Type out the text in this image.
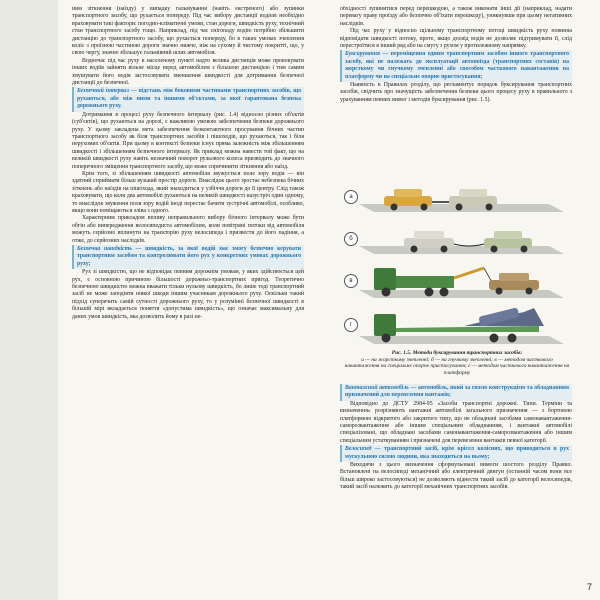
ним зіткнення (наїзду) у випадку гальмування (навіть екстреного) або зупинки транспортного засобу, що рухається попереду. Під час вибору дистанції водієві необхідно враховувати такі фактори: погодно-кліматичні умови, стан дороги, швидкість руху, технічний стан транспортного засобу тощо. Наприклад, під час снігопаду водію потрібно збільшити дистанцію до транспортного засобу, що рухається попереду, бо в таких умовах зчеплення коліс з проїзною частиною дороги значно нижче, ніж на сухому й чистому покритті, що, у свою чергу, значно збільшує гальмівний шлях автомобіля.

Водночас під час руху в населеному пункті надто велика дистанція може провокувати інших водіїв зайняти вільне місце перед автомобілем з більшою дистанцією і тим самим змушувати його водія застосовувати зменшення швидкості для дотримання безпечної дистанції до безпечної.

Безпечний інтервал — відстань між боковими частинами транспортних засобів, що рухаються, або між ними та іншими об'єктами, за якої гарантована безпека дорожнього руху.

Дотримання в процесі руху безпечного інтервалу (рис. 1.4) відносно різних об'єктів (суб'єктів), що рухаються на дорозі, є важливою умовою забезпечення безпеки дорожнього руху. У цьому закладена мета забезпечення безконтактного просування бічних частин транспортного засобу як біля транспортних засобів і пішоходів, що рухаються, так і біля нерухомих об'єктів. При цьому в контексті безпеки існує пряма залежність між збільшенням швидкості і збільшенням безпечного інтервалу. Як приклад можна навести той факт, що на великій швидкості руху навіть незначний поворот рульового колеса призводить до значного поперечного зміщення транспортного засобу, що може спричинити зіткнення або наїзд.

Крім того, зі збільшенням швидкості автомобіля звужується поле зору водія — він здатний сприймати більш вузький простір дороги. Внаслідок цього зростає небезпека бічних зіткнень або наїздів на пішохода, який знаходиться у узбіччя дороги до її центру. Слід також враховувати, що коли два автомобілі рухаються на великій швидкості назустріч один одному, то внаслідок звуження поля зору водій іноді перестає бачити зустрічні автомобілі, особливо, якщо вони поміщаються зліва з одного.

Характерним прикладом впливу неправильного вибору бічного інтервалу може бути обгін або випередження велосипедиста автомобілем, коли повітряні потоки від автомобіля можуть серйозно вплинути на траєкторію руху велосипеда і призвести до його падіння, а отже, до серйозних наслідків.

Безпечна швидкість — швидкість, за якої водій має змогу безпечно керувати транспортним засобом та контролювати його рух у конкретних умовах дорожнього руху;

Рух зі швидкістю, що не відповідає певним дорожнім умовам, у яких здійснюється цей рух, є основною причиною більшості дорожньо-транспортних пригод. Теоретично безпечною швидкістю можна вважати тільки нульову швидкість, бо лише тоді транспортний засіб не може заподіяти ніякої шкоди іншим учасникам дорожнього руху. Оскільки такий підхід суперечить самій сутності дорожнього руху, то у розумінні безпечної швидкості в більшій мірі вкладається поняття «допустима швидкість», що означає максимальну для даних умов швидкість, яка дозволить йому в разі не-

обхідності зупинитися перед перешкодою, а також виконати інші дії (наприклад, надати перевагу праву проїзду або безпечно об'їхати перешкоду), уникнувши при цьому негативних наслідків.

Під час руху у відносно щільному транспортному потоці швидкість руху повинна відповідати швидкості потоку, проте, якщо досвід водія не дозволяє підтримувати її, слід перестроїтися в інший ряд або на смугу з рухом у протилежному напрямку.

Буксирування — переміщення одним транспортним засобом іншого транспортного засобу, які не належать до експлуатації автопоїзда (транспортних составів) на жорсткому чи гнучкому зчепленні або способом часткового навантаження на платформу чи на спеціальне опорне пристосування;

Наявність в Правилах розділу, що регламентує порядок буксирування транспортних засобів, свідчить про значущість забезпечення безпеки цього процесу руху в правильного з урахуванням певних вимог і методів буксирування (рис. 1.5).

а
б
в
г
Рис. 1.5. Методи буксирування транспортних засобів:
а — на жорсткому зчепленні; б — на гнучкому зчепленні; в — методом часткового навантаження на спеціальне опорне пристосування; г — методом часткового навантаження на платформу

Вантажний автомобіль — автомобіль, який за своєю конструкцією та обладнанням призначений для перевезення вантажів;

Відповідно до ДСТУ 2984-95 «Засоби транспортні дорожні. Типи. Терміни та визначення» розрізняють вантажні автомобілі загального призначення — з бортовою платформою відкритого або закритого типу, що не обладнані засобами самонавантаження-саморозвантаження або іншим спеціальним обладнанням, і вантажні автомобілі спеціалізовані, що обладнані засобами самонавантаження-саморозвантаження або іншим спеціальним устаткуванням і призначені для перевезення вантажів певної категорії.

Велосипед — транспортний засіб, крім крісел колісних, що приводиться в рух мускульною силою людини, яка знаходиться на ньому;

Виходячи з цього визначення сформульовані вимоги шостого розділу Правил. Встановлені на велосипеді механічний або електричний двигун (останній часом вони все більш широко застосовуються) не дозволяють віднести такий засіб до категорії велосипедів, такий засіб належить до категорії механічних транспортних засобів.

7
